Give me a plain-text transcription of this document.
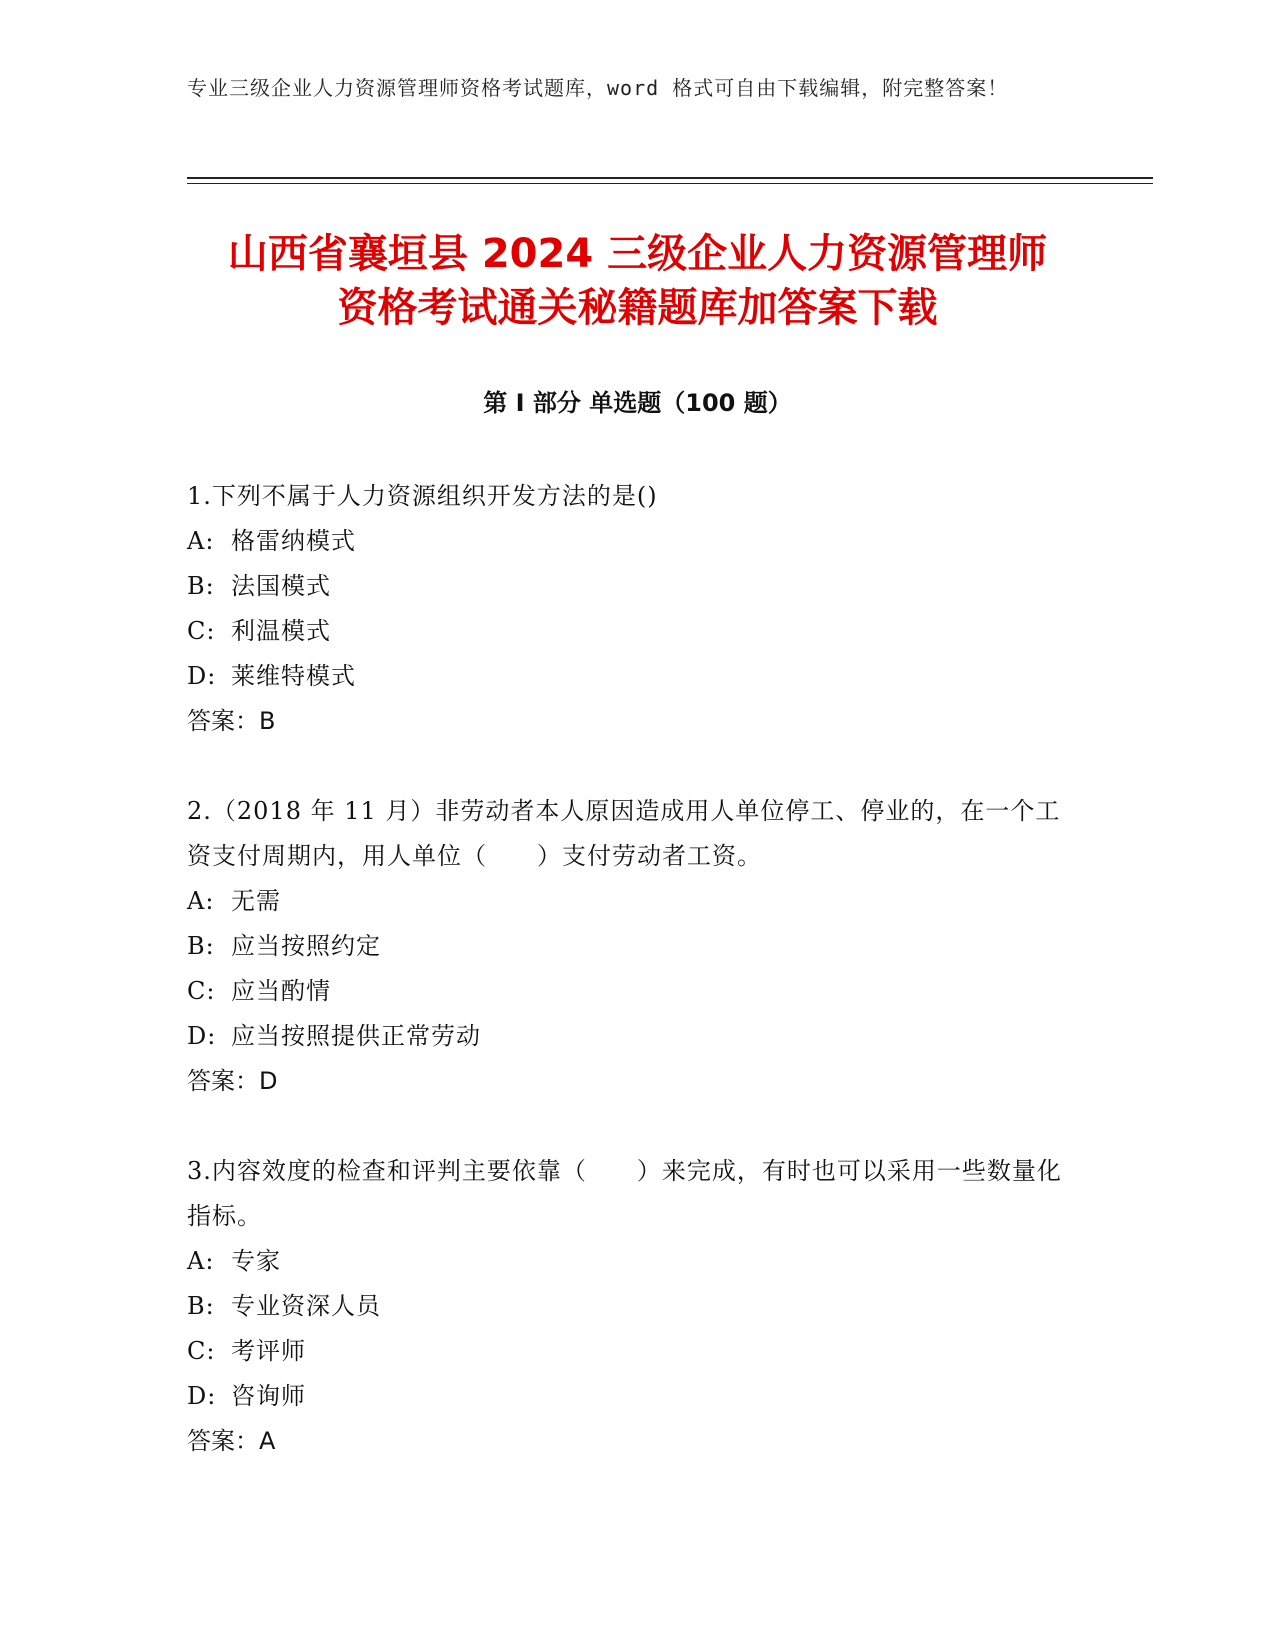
专业三级企业人力资源管理师资格考试题库，word 格式可自由下载编辑，附完整答案！
山西省襄垣县 2024 三级企业人力资源管理师
资格考试通关秘籍题库加答案下载
第 I 部分 单选题（100 题）

1.下列不属于人力资源组织开发方法的是()

A: 格雷纳模式

B: 法国模式

C: 利温模式

D: 莱维特模式

答案：B

2.（2018 年 11 月）非劳动者本人原因造成用人单位停工、停业的，在一个工资支付周期内，用人单位（　　）支付劳动者工资。

A: 无需

B: 应当按照约定

C: 应当酌情

D: 应当按照提供正常劳动

答案：D

3.内容效度的检查和评判主要依靠（　　）来完成，有时也可以采用一些数量化指标。

A: 专家

B: 专业资深人员

C: 考评师

D: 咨询师

答案：A
